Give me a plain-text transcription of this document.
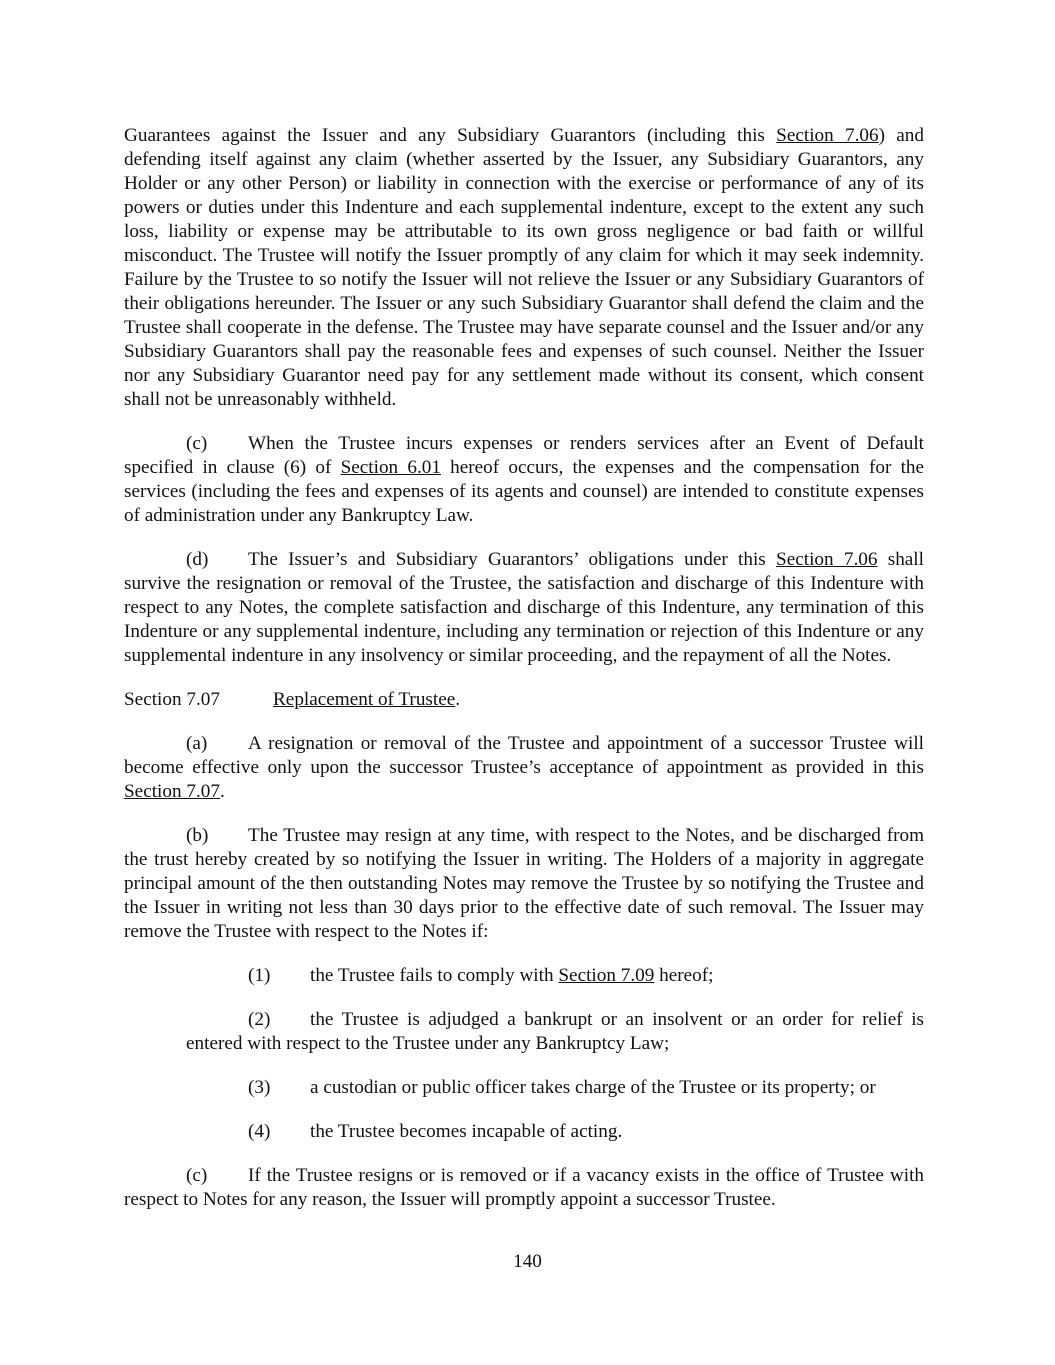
Guarantees against the Issuer and any Subsidiary Guarantors (including this Section 7.06) and defending itself against any claim (whether asserted by the Issuer, any Subsidiary Guarantors, any Holder or any other Person) or liability in connection with the exercise or performance of any of its powers or duties under this Indenture and each supplemental indenture, except to the extent any such loss, liability or expense may be attributable to its own gross negligence or bad faith or willful misconduct. The Trustee will notify the Issuer promptly of any claim for which it may seek indemnity. Failure by the Trustee to so notify the Issuer will not relieve the Issuer or any Subsidiary Guarantors of their obligations hereunder. The Issuer or any such Subsidiary Guarantor shall defend the claim and the Trustee shall cooperate in the defense. The Trustee may have separate counsel and the Issuer and/or any Subsidiary Guarantors shall pay the reasonable fees and expenses of such counsel. Neither the Issuer nor any Subsidiary Guarantor need pay for any settlement made without its consent, which consent shall not be unreasonably withheld.

(c) When the Trustee incurs expenses or renders services after an Event of Default specified in clause (6) of Section 6.01 hereof occurs, the expenses and the compensation for the services (including the fees and expenses of its agents and counsel) are intended to constitute expenses of administration under any Bankruptcy Law.

(d) The Issuer’s and Subsidiary Guarantors’ obligations under this Section 7.06 shall survive the resignation or removal of the Trustee, the satisfaction and discharge of this Indenture with respect to any Notes, the complete satisfaction and discharge of this Indenture, any termination of this Indenture or any supplemental indenture, including any termination or rejection of this Indenture or any supplemental indenture in any insolvency or similar proceeding, and the repayment of all the Notes.

Section 7.07	Replacement of Trustee.

(a) A resignation or removal of the Trustee and appointment of a successor Trustee will become effective only upon the successor Trustee’s acceptance of appointment as provided in this Section 7.07.

(b) The Trustee may resign at any time, with respect to the Notes, and be discharged from the trust hereby created by so notifying the Issuer in writing. The Holders of a majority in aggregate principal amount of the then outstanding Notes may remove the Trustee by so notifying the Trustee and the Issuer in writing not less than 30 days prior to the effective date of such removal. The Issuer may remove the Trustee with respect to the Notes if:

(1) the Trustee fails to comply with Section 7.09 hereof;

(2) the Trustee is adjudged a bankrupt or an insolvent or an order for relief is entered with respect to the Trustee under any Bankruptcy Law;

(3) a custodian or public officer takes charge of the Trustee or its property; or

(4) the Trustee becomes incapable of acting.

(c) If the Trustee resigns or is removed or if a vacancy exists in the office of Trustee with respect to Notes for any reason, the Issuer will promptly appoint a successor Trustee.

140
